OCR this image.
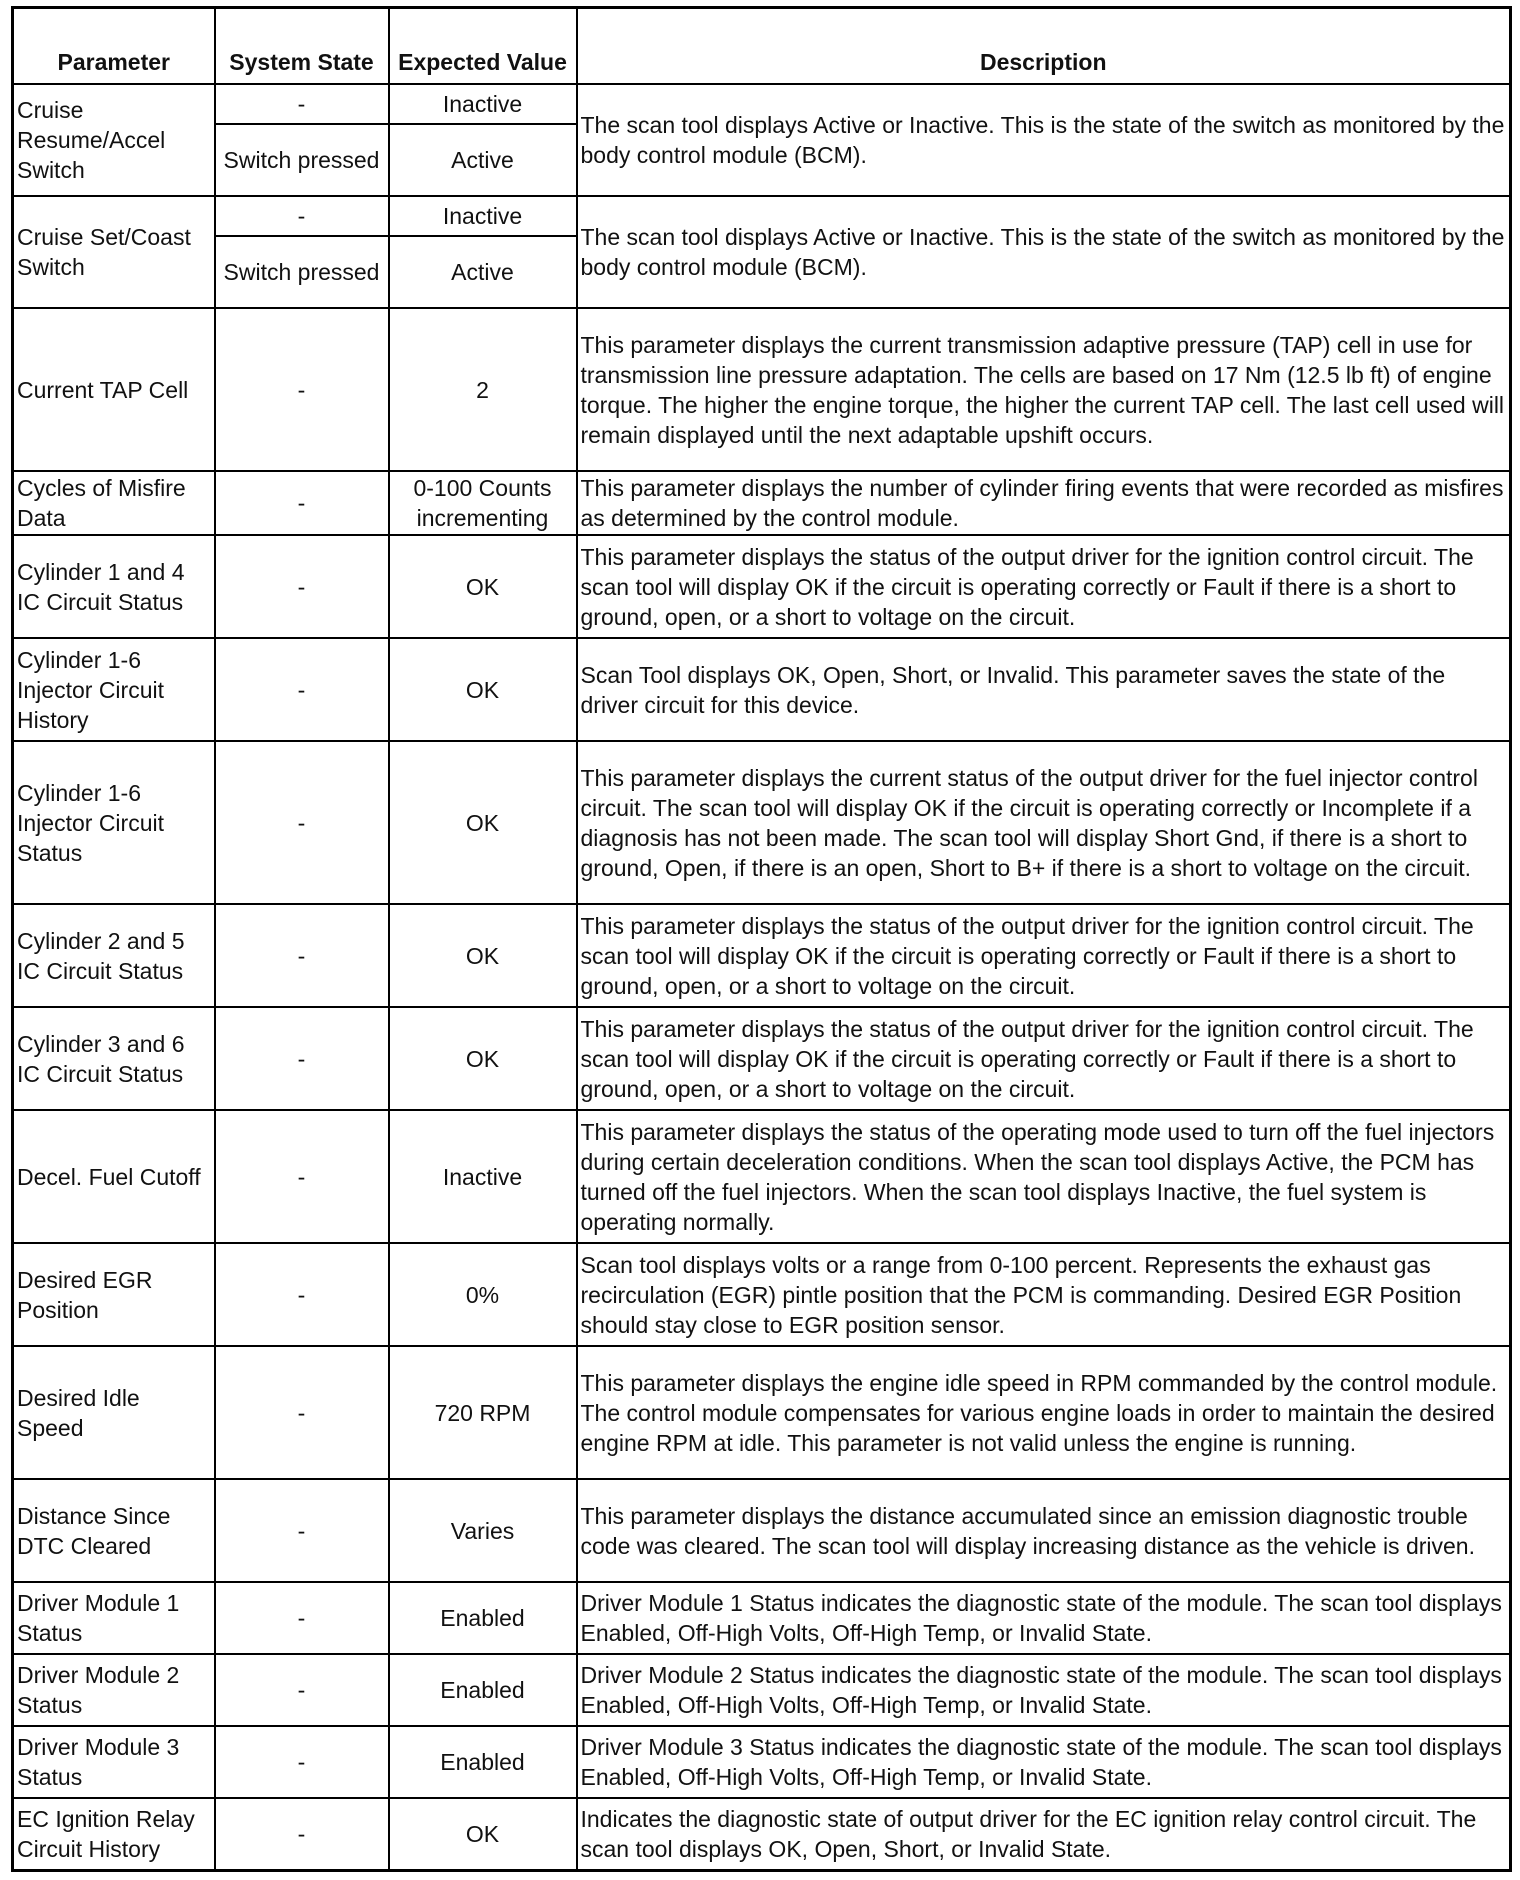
Parameter	System State	Expected Value	Description
Cruise Resume/Accel Switch	-	Inactive	The scan tool displays Active or Inactive. This is the state of the switch as monitored by the body control module (BCM).
	Switch pressed	Active	
Cruise Set/Coast Switch	-	Inactive	The scan tool displays Active or Inactive. This is the state of the switch as monitored by the body control module (BCM).
	Switch pressed	Active	
Current TAP Cell	-	2	This parameter displays the current transmission adaptive pressure (TAP) cell in use for transmission line pressure adaptation. The cells are based on 17 Nm (12.5 lb ft) of engine torque. The higher the engine torque, the higher the current TAP cell. The last cell used will remain displayed until the next adaptable upshift occurs.
Cycles of Misfire Data	-	0-100 Counts incrementing	This parameter displays the number of cylinder firing events that were recorded as misfires as determined by the control module.
Cylinder 1 and 4 IC Circuit Status	-	OK	This parameter displays the status of the output driver for the ignition control circuit. The scan tool will display OK if the circuit is operating correctly or Fault if there is a short to ground, open, or a short to voltage on the circuit.
Cylinder 1-6 Injector Circuit History	-	OK	Scan Tool displays OK, Open, Short, or Invalid. This parameter saves the state of the driver circuit for this device.
Cylinder 1-6 Injector Circuit Status	-	OK	This parameter displays the current status of the output driver for the fuel injector control circuit. The scan tool will display OK if the circuit is operating correctly or Incomplete if a diagnosis has not been made. The scan tool will display Short Gnd, if there is a short to ground, Open, if there is an open, Short to B+ if there is a short to voltage on the circuit.
Cylinder 2 and 5 IC Circuit Status	-	OK	This parameter displays the status of the output driver for the ignition control circuit. The scan tool will display OK if the circuit is operating correctly or Fault if there is a short to ground, open, or a short to voltage on the circuit.
Cylinder 3 and 6 IC Circuit Status	-	OK	This parameter displays the status of the output driver for the ignition control circuit. The scan tool will display OK if the circuit is operating correctly or Fault if there is a short to ground, open, or a short to voltage on the circuit.
Decel. Fuel Cutoff	-	Inactive	This parameter displays the status of the operating mode used to turn off the fuel injectors during certain deceleration conditions. When the scan tool displays Active, the PCM has turned off the fuel injectors. When the scan tool displays Inactive, the fuel system is operating normally.
Desired EGR Position	-	0%	Scan tool displays volts or a range from 0-100 percent. Represents the exhaust gas recirculation (EGR) pintle position that the PCM is commanding. Desired EGR Position should stay close to EGR position sensor.
Desired Idle Speed	-	720 RPM	This parameter displays the engine idle speed in RPM commanded by the control module. The control module compensates for various engine loads in order to maintain the desired engine RPM at idle. This parameter is not valid unless the engine is running.
Distance Since DTC Cleared	-	Varies	This parameter displays the distance accumulated since an emission diagnostic trouble code was cleared. The scan tool will display increasing distance as the vehicle is driven.
Driver Module 1 Status	-	Enabled	Driver Module 1 Status indicates the diagnostic state of the module. The scan tool displays Enabled, Off-High Volts, Off-High Temp, or Invalid State.
Driver Module 2 Status	-	Enabled	Driver Module 2 Status indicates the diagnostic state of the module. The scan tool displays Enabled, Off-High Volts, Off-High Temp, or Invalid State.
Driver Module 3 Status	-	Enabled	Driver Module 3 Status indicates the diagnostic state of the module. The scan tool displays Enabled, Off-High Volts, Off-High Temp, or Invalid State.
EC Ignition Relay Circuit History	-	OK	Indicates the diagnostic state of output driver for the EC ignition relay control circuit. The scan tool displays OK, Open, Short, or Invalid State.
